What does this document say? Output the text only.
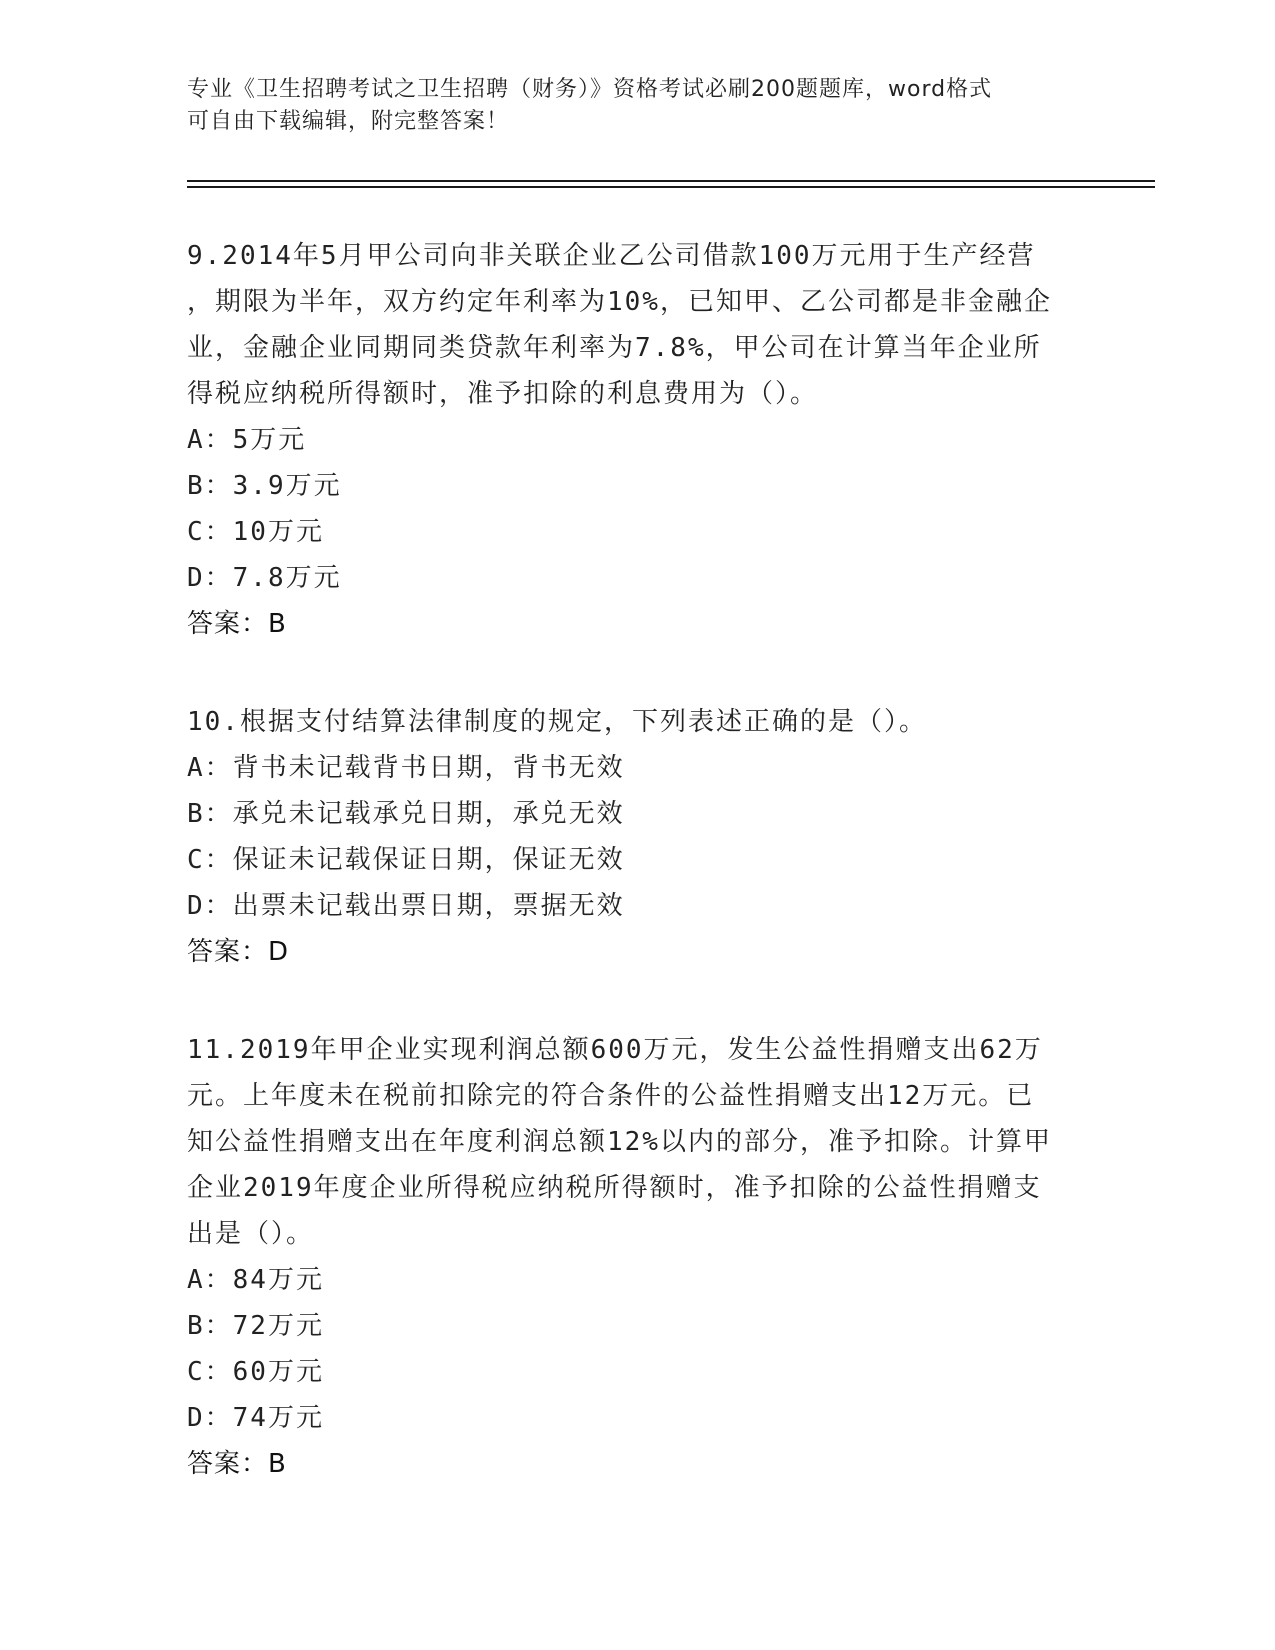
专业《卫生招聘考试之卫生招聘（财务）》资格考试必刷200题题库，word格式

可自由下载编辑，附完整答案！

9.2014年5月甲公司向非关联企业乙公司借款100万元用于生产经营

，期限为半年，双方约定年利率为10%，已知甲、乙公司都是非金融企

业，金融企业同期同类贷款年利率为7.8%，甲公司在计算当年企业所

得税应纳税所得额时，准予扣除的利息费用为（）。

A：5万元

B：3.9万元

C：10万元

D：7.8万元

答案：B

10.根据支付结算法律制度的规定，下列表述正确的是（）。

A：背书未记载背书日期，背书无效

B：承兑未记载承兑日期，承兑无效

C：保证未记载保证日期，保证无效

D：出票未记载出票日期，票据无效

答案：D

11.2019年甲企业实现利润总额600万元，发生公益性捐赠支出62万

元。上年度未在税前扣除完的符合条件的公益性捐赠支出12万元。已

知公益性捐赠支出在年度利润总额12%以内的部分，准予扣除。计算甲

企业2019年度企业所得税应纳税所得额时，准予扣除的公益性捐赠支

出是（）。

A：84万元

B：72万元

C：60万元

D：74万元

答案：B
